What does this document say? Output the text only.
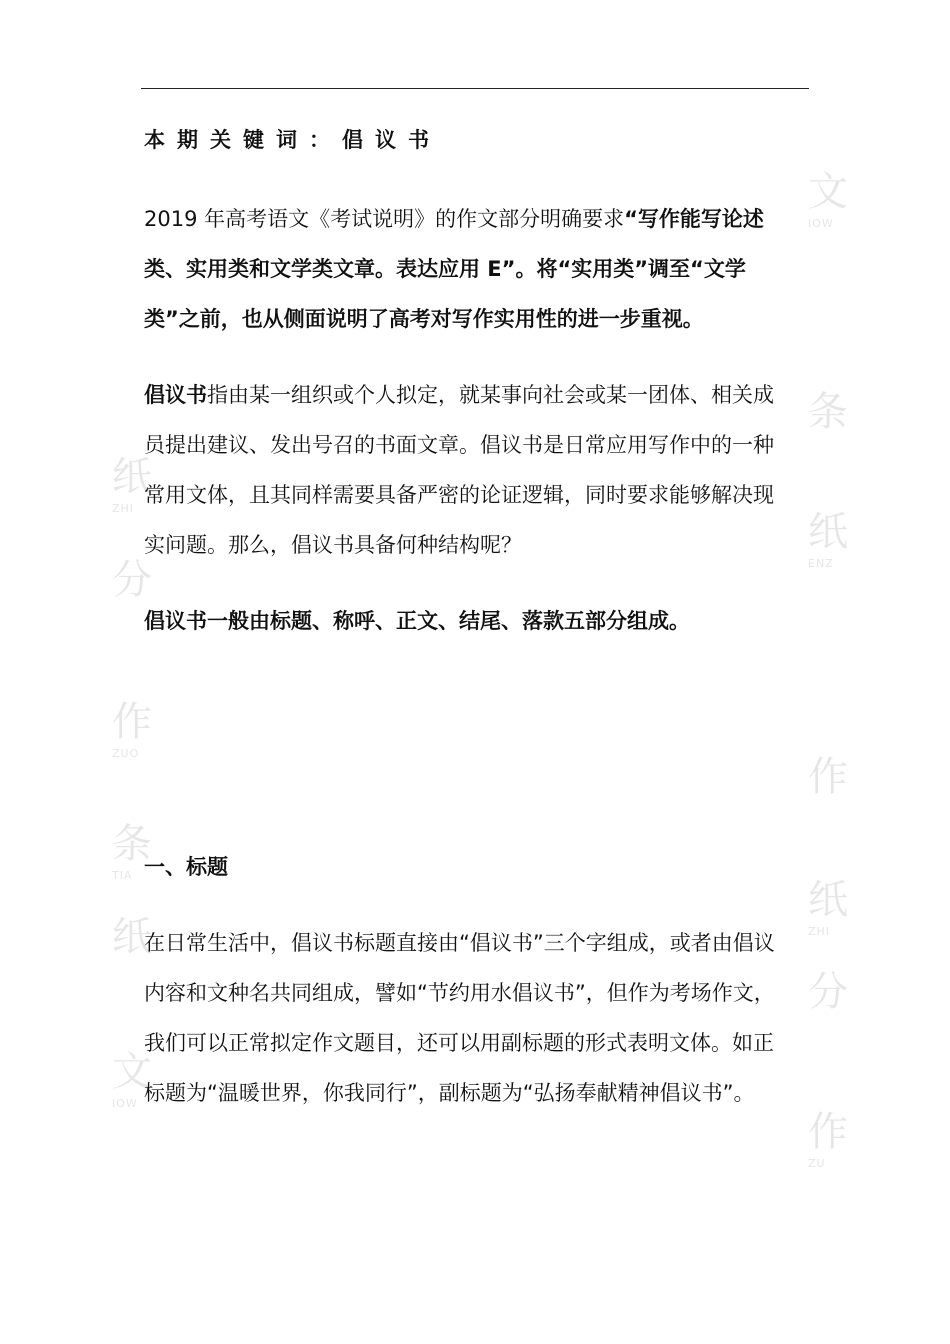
文
IOW
条
纸
ZHI
纸
ENZ
分
作
ZUO
作
条
TIA
纸
ZHI
纸
分
文
IOW
作
ZU
本期关键词：倡议书

2019 年高考语文《考试说明》的作文部分明确要求“写作能写论述类、实用类和文学类文章。表达应用 E”。将“实用类”调至“文学类”之前，也从侧面说明了高考对写作实用性的进一步重视。

倡议书指由某一组织或个人拟定，就某事向社会或某一团体、相关成员提出建议、发出号召的书面文章。倡议书是日常应用写作中的一种常用文体，且其同样需要具备严密的论证逻辑，同时要求能够解决现实问题。那么，倡议书具备何种结构呢？

倡议书一般由标题、称呼、正文、结尾、落款五部分组成。

一、标题

在日常生活中，倡议书标题直接由“倡议书”三个字组成，或者由倡议内容和文种名共同组成，譬如“节约用水倡议书”，但作为考场作文，我们可以正常拟定作文题目，还可以用副标题的形式表明文体。如正标题为“温暖世界，你我同行”，副标题为“弘扬奉献精神倡议书”。
